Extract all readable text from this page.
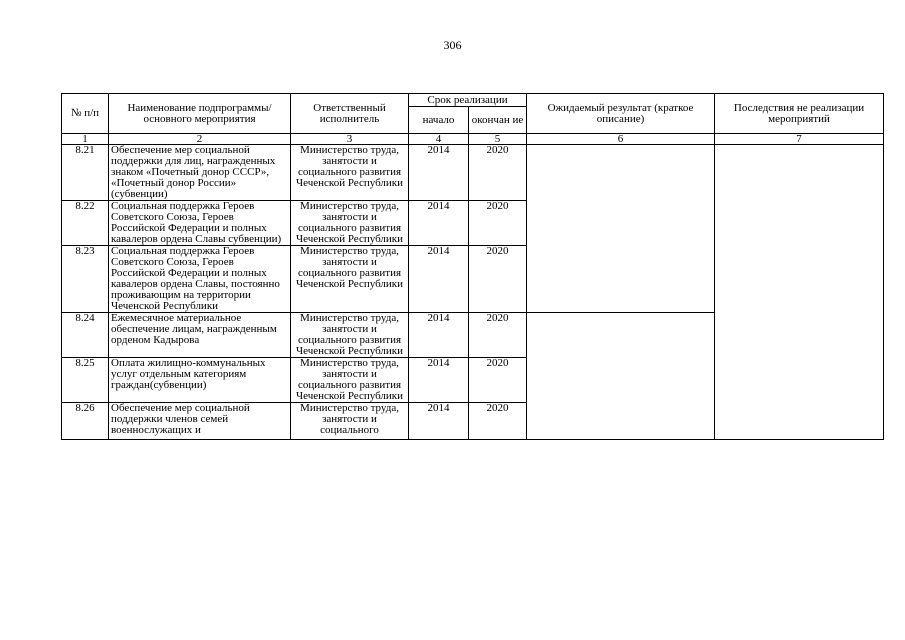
306
№ п/п	Наименование подпрограммы/ основного мероприятия	Ответственный исполнитель	Срок реализации		Ожидаемый результат (краткое описание)	Последствия не реализации мероприятий
			начало	окончан ие		
1	2	3	4	5	6	7
8.21	Обеспечение мер социальной поддержки для лиц, награжденных знаком «Почетный донор СССР», «Почетный донор России» (субвенции)	Министерство труда, занятости и социального развития Чеченской Республики	2014	2020		
8.22	Социальная поддержка Героев Советского Союза, Героев Российской Федерации и полных кавалеров ордена Славы субвенции)	Министерство труда, занятости и социального развития Чеченской Республики	2014	2020		
8.23	Социальная поддержка Героев Советского Союза, Героев Российской Федерации и полных кавалеров ордена Славы, постоянно проживающим на территории Чеченской Республики	Министерство труда, занятости и социального развития Чеченской Республики	2014	2020		
8.24	Ежемесячное материальное обеспечение лицам, награжденным орденом Кадырова	Министерство труда, занятости и социального развития Чеченской Республики	2014	2020		
8.25	Оплата жилищно-коммунальных услуг отдельным категориям граждан(субвенции)	Министерство труда, занятости и социального развития Чеченской Республики	2014	2020		
8.26	Обеспечение мер социальной поддержки членов семей военнослужащих и	Министерство труда, занятости и социального	2014	2020		
